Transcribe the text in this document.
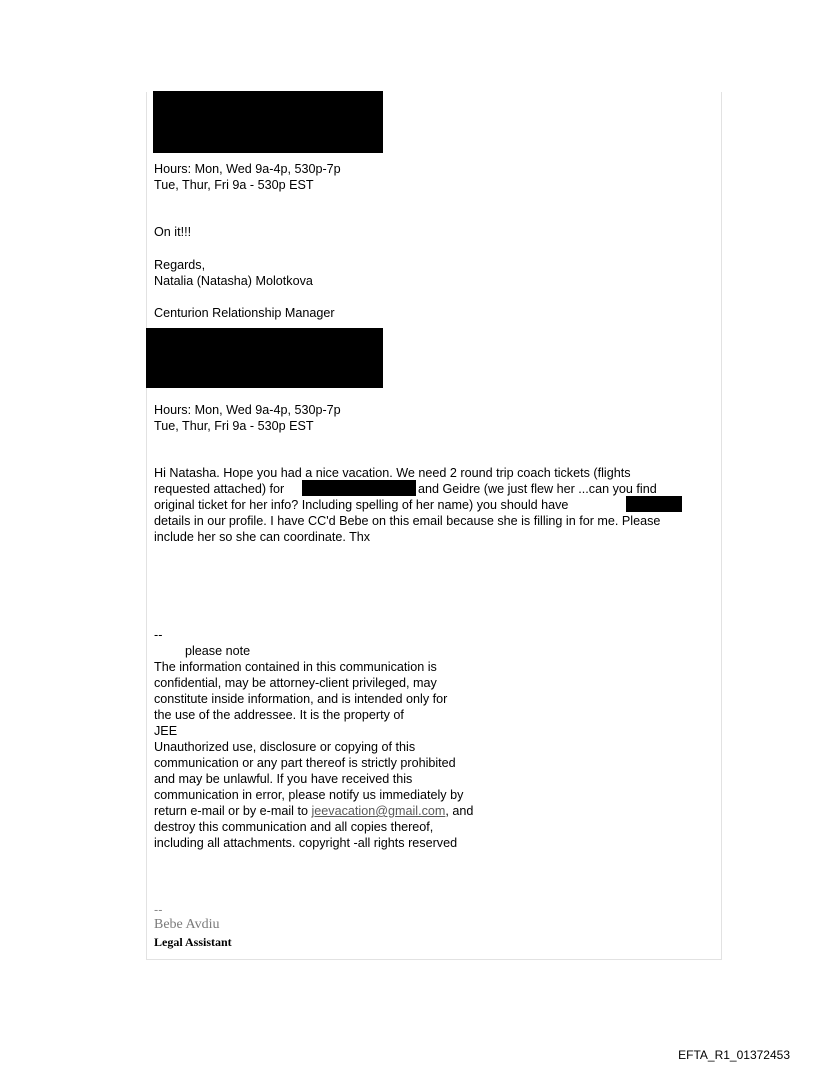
Hours: Mon, Wed 9a-4p, 530p-7p
Tue, Thur, Fri 9a - 530p EST
On it!!!
Regards,
Natalia (Natasha) Molotkova
Centurion Relationship Manager
Hours: Mon, Wed 9a-4p, 530p-7p
Tue, Thur, Fri 9a - 530p EST
Hi Natasha. Hope you had a nice vacation. We need 2 round trip coach tickets (flights
requested attached) for	and Geidre (we just flew her ...can you find
original ticket for her info? Including spelling of her name) you should have
details in our profile. I have CC'd Bebe on this email because she is filling in for me. Please
include her so she can coordinate. Thx
--
please note
The information contained in this communication is
confidential, may be attorney-client privileged, may
constitute inside information, and is intended only for
the use of the addressee. It is the property of
JEE
Unauthorized use, disclosure or copying of this
communication or any part thereof is strictly prohibited
and may be unlawful. If you have received this
communication in error, please notify us immediately by
return e-mail or by e-mail to jeevacation@gmail.com, and
destroy this communication and all copies thereof,
including all attachments. copyright -all rights reserved
--
Bebe Avdiu
Legal Assistant
EFTA_R1_01372453
